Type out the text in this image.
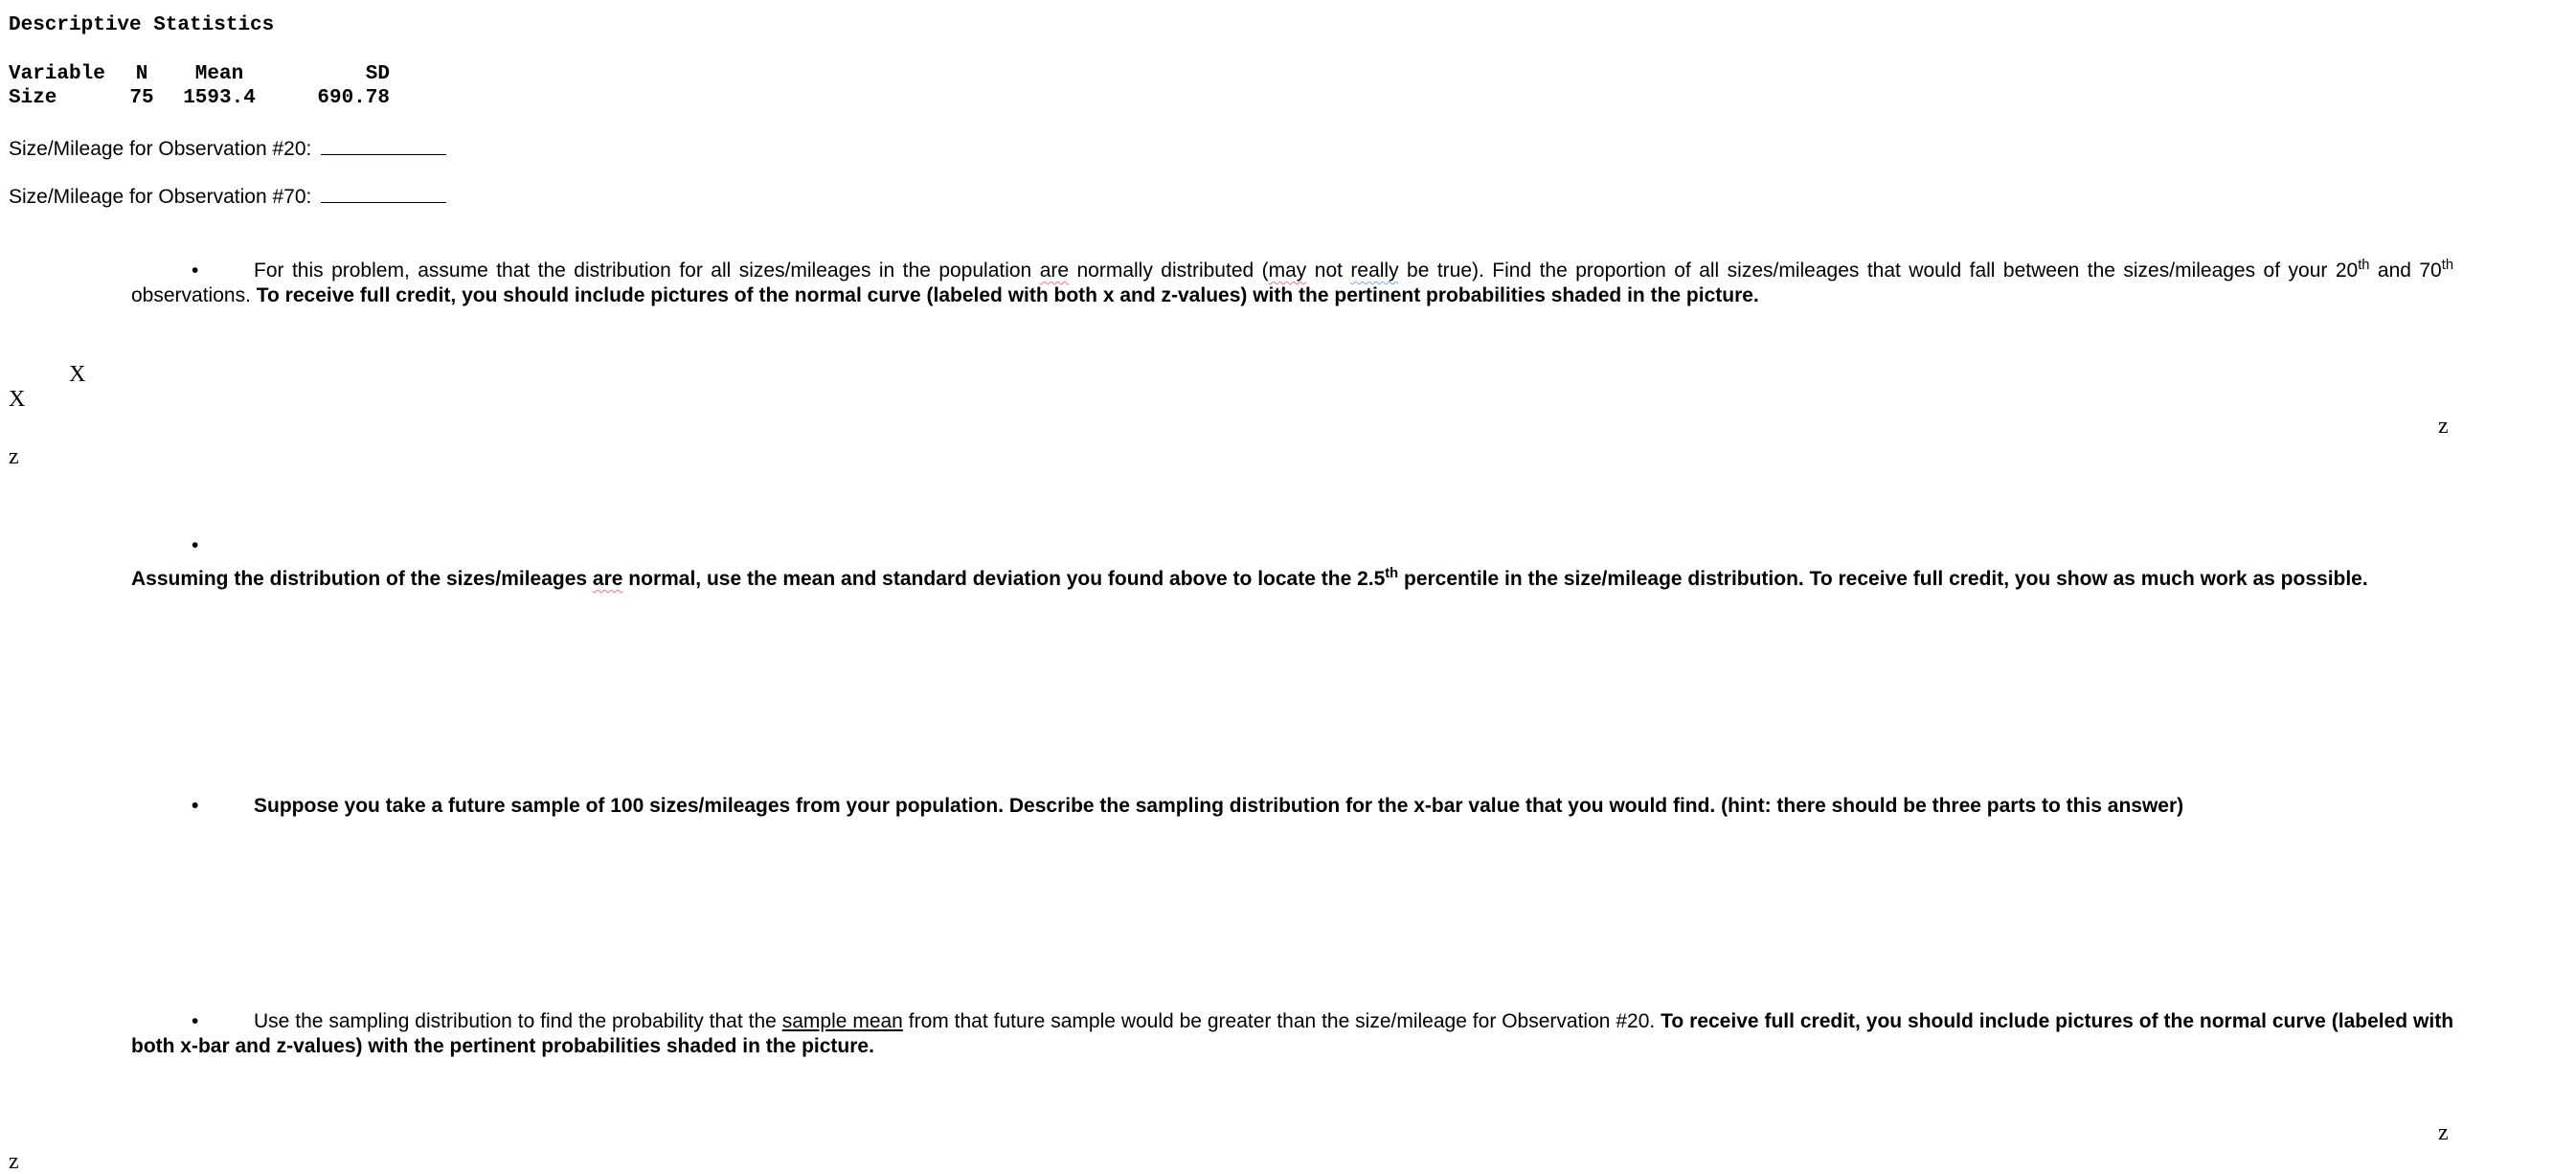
Descriptive Statistics
Variable	N	Mean	SD
Size	75	1593.4	690.78
Size/Mileage for Observation #20:
Size/Mileage for Observation #70:
For this problem, assume that the distribution for all sizes/mileages in the population are normally distributed (may not really be true). Find the proportion of all sizes/mileages that would fall between the sizes/mileages of your 20th and 70th observations. To receive full credit, you should include pictures of the normal curve (labeled with both x and z-values) with the pertinent probabilities shaded in the picture.
•
X
X
z
z
•
Assuming the distribution of the sizes/mileages are normal, use the mean and standard deviation you found above to locate the 2.5th percentile in the size/mileage distribution. To receive full credit, you show as much work as possible.
•	Suppose you take a future sample of 100 sizes/mileages from your population. Describe the sampling distribution for the x-bar value that you would find. (hint: there should be three parts to this answer)
•	Use the sampling distribution to find the probability that the sample mean from that future sample would be greater than the size/mileage for Observation #20. To receive full credit, you should include pictures of the normal curve (labeled with both x-bar and z-values) with the pertinent probabilities shaded in the picture.
z
z
